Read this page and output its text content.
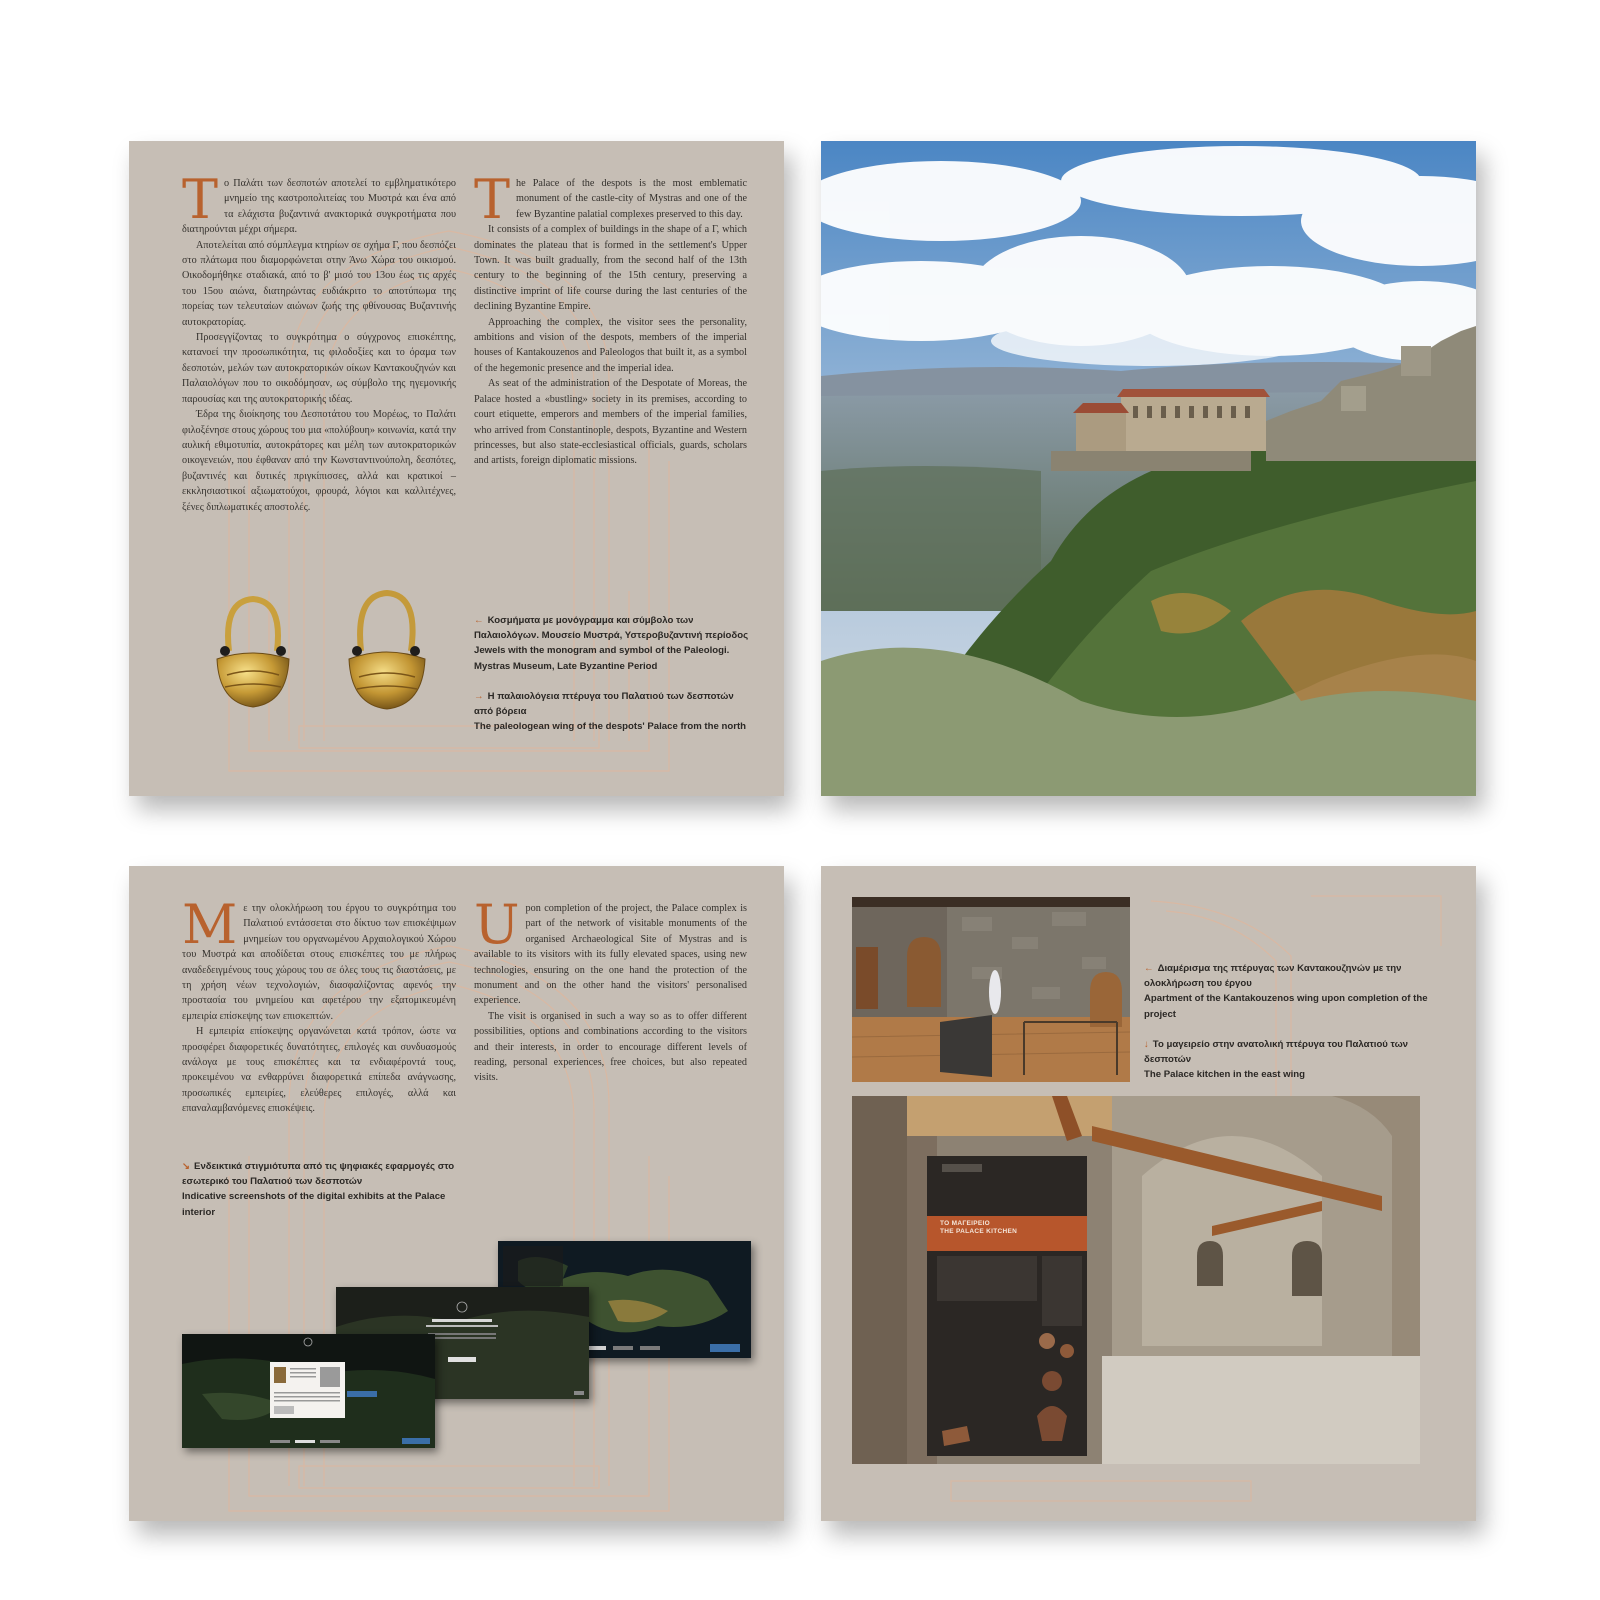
Τ ο Παλάτι των δεσποτών αποτελεί το εμβληματικότερο μνημείο της καστροπολιτείας του Μυστρά και ένα από τα ελάχιστα βυζαντινά ανακτορικά συγκροτήματα που διατηρούνται μέχρι σήμερα.

Αποτελείται από σύμπλεγμα κτηρίων σε σχήμα Γ, που δεσπόζει στο πλάτωμα που διαμορφώνεται στην Άνω Χώρα του οικισμού. Οικοδομήθηκε σταδιακά, από το β' μισό του 13ου έως τις αρχές του 15ου αιώνα, διατηρώντας ευδιάκριτο το αποτύπωμα της πορείας των τελευταίων αιώνων ζωής της φθίνουσας Βυζαντινής αυτοκρατορίας.

Προσεγγίζοντας το συγκρότημα ο σύγχρονος επισκέπτης, κατανοεί την προσωπικότητα, τις φιλοδοξίες και το όραμα των δεσποτών, μελών των αυτοκρατορικών οίκων Καντακουζηνών και Παλαιολόγων που το οικοδόμησαν, ως σύμβολο της ηγεμονικής παρουσίας και της αυτοκρατορικής ιδέας.

Έδρα της διοίκησης του Δεσποτάτου του Μορέως, το Παλάτι φιλοξένησε στους χώρους του μια «πολύβουη» κοινωνία, κατά την αυλική εθιμοτυπία, αυτοκράτορες και μέλη των αυτοκρατορικών οικογενειών, που έφθαναν από την Κωνσταντινούπολη, δεσπότες, βυζαντινές και δυτικές πριγκίπισσες, αλλά και κρατικοί – εκκλησιαστικοί αξιωματούχοι, φρουρά, λόγιοι και καλλιτέχνες, ξένες διπλωματικές αποστολές.

T he Palace of the despots is the most emblematic monument of the castle-city of Mystras and one of the few Byzantine palatial complexes preserved to this day.

It consists of a complex of buildings in the shape of a Γ, which dominates the plateau that is formed in the settlement's Upper Town. It was built gradually, from the second half of the 13th century to the beginning of the 15th century, preserving a distinctive imprint of life course during the last centuries of the declining Byzantine Empire.

Approaching the complex, the visitor sees the personality, ambitions and vision of the despots, members of the imperial houses of Kantakouzenos and Paleologos that built it, as a symbol of the hegemonic presence and the imperial idea.

As seat of the administration of the Despotate of Moreas, the Palace hosted a «bustling» society in its premises, according to court etiquette, emperors and members of the imperial families, who arrived from Constantinople, despots, Byzantine and Western princesses, but also state-ecclesiastical officials, guards, scholars and artists, foreign diplomatic missions.

← Κοσμήματα με μονόγραμμα και σύμβολο των Παλαιολόγων. Μουσείο Μυστρά, Υστεροβυζαντινή περίοδος
Jewels with the monogram and symbol of the Paleologi. Mystras Museum, Late Byzantine Period
→ Η παλαιολόγεια πτέρυγα του Παλατιού των δεσποτών από βόρεια
The paleologean wing of the despots' Palace from the north
Μ ε την ολοκλήρωση του έργου το συγκρότημα του Παλατιού εντάσσεται στο δίκτυο των επισκέψιμων μνημείων του οργανωμένου Αρχαιολογικού Χώρου του Μυστρά και αποδίδεται στους επισκέπτες του με πλήρως αναδεδειγμένους τους χώρους του σε όλες τους τις διαστάσεις, με τη χρήση νέων τεχνολογιών, διασφαλίζοντας αφενός την προστασία του μνημείου και αφετέρου την εξατομικευμένη εμπειρία επίσκεψης των επισκεπτών.

Η εμπειρία επίσκεψης οργανώνεται κατά τρόπον, ώστε να προσφέρει διαφορετικές δυνατότητες, επιλογές και συνδυασμούς ανάλογα με τους επισκέπτες και τα ενδιαφέροντά τους, προκειμένου να ενθαρρύνει διαφορετικά επίπεδα ανάγνωσης, προσωπικές εμπειρίες, ελεύθερες επιλογές, αλλά και επαναλαμβανόμενες επισκέψεις.

U pon completion of the project, the Palace complex is part of the network of visitable monuments of the organised Archaeological Site of Mystras and is available to its visitors with its fully elevated spaces, using new technologies, ensuring on the one hand the protection of the monument and on the other hand the visitors' personalised experience.

The visit is organised in such a way so as to offer different possibilities, options and combinations according to the visitors and their interests, in order to encourage different levels of reading, personal experiences, free choices, but also repeated visits.

↘ Ενδεικτικά στιγμιότυπα από τις ψηφιακές εφαρμογές στο εσωτερικό του Παλατιού των δεσποτών
Indicative screenshots of the digital exhibits at the Palace interior
← Διαμέρισμα της πτέρυγας των Καντακουζηνών με την ολοκλήρωση του έργου
Apartment of the Kantakouzenos wing upon completion of the project
↓ Το μαγειρείο στην ανατολική πτέρυγα του Παλατιού των δεσποτών
The Palace kitchen in the east wing
ΤΟ ΜΑΓΕΙΡΕΙΟ
THE PALACE KITCHEN
